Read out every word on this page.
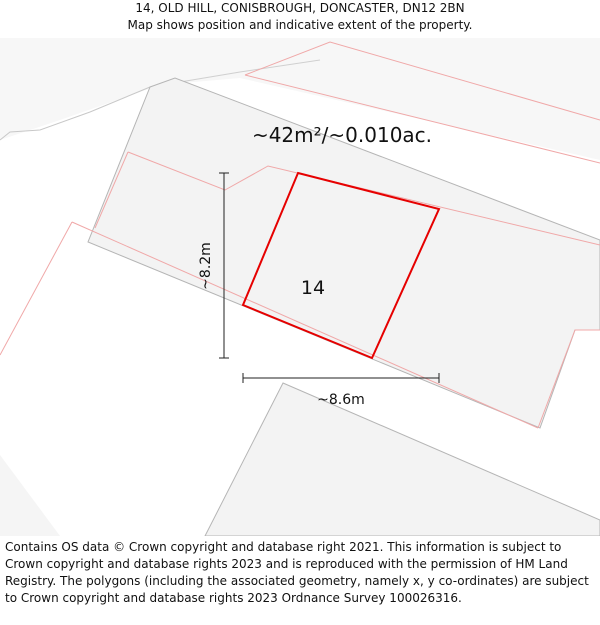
14, OLD HILL, CONISBROUGH, DONCASTER, DN12 2BN
Map shows position and indicative extent of the property.
~42m²/~0.010ac.
14
~8.2m
~8.6m
Contains OS data © Crown copyright and database right 2021. This information is subject to Crown copyright and database rights 2023 and is reproduced with the permission of HM Land Registry. The polygons (including the associated geometry, namely x, y co-ordinates) are subject to Crown copyright and database rights 2023 Ordnance Survey 100026316.
